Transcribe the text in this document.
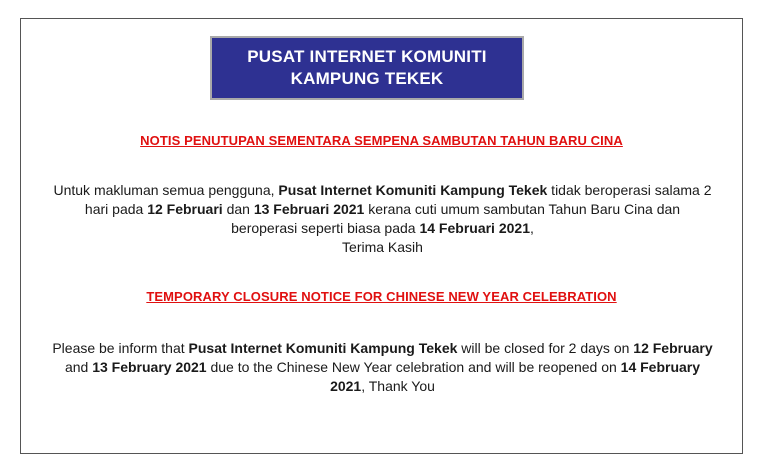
PUSAT INTERNET KOMUNITI
KAMPUNG TEKEK
NOTIS PENUTUPAN SEMENTARA SEMPENA SAMBUTAN TAHUN BARU CINA
Untuk makluman semua pengguna, Pusat Internet Komuniti Kampung Tekek tidak beroperasi salama 2 hari pada 12 Februari dan 13 Februari 2021 kerana cuti umum sambutan Tahun Baru Cina dan beroperasi seperti biasa pada 14 Februari 2021,
Terima Kasih
TEMPORARY CLOSURE NOTICE FOR CHINESE NEW YEAR CELEBRATION
Please be inform that Pusat Internet Komuniti Kampung Tekek will be closed for 2 days on 12 February and 13 February 2021 due to the Chinese New Year celebration and will be reopened on 14 February 2021, Thank You
